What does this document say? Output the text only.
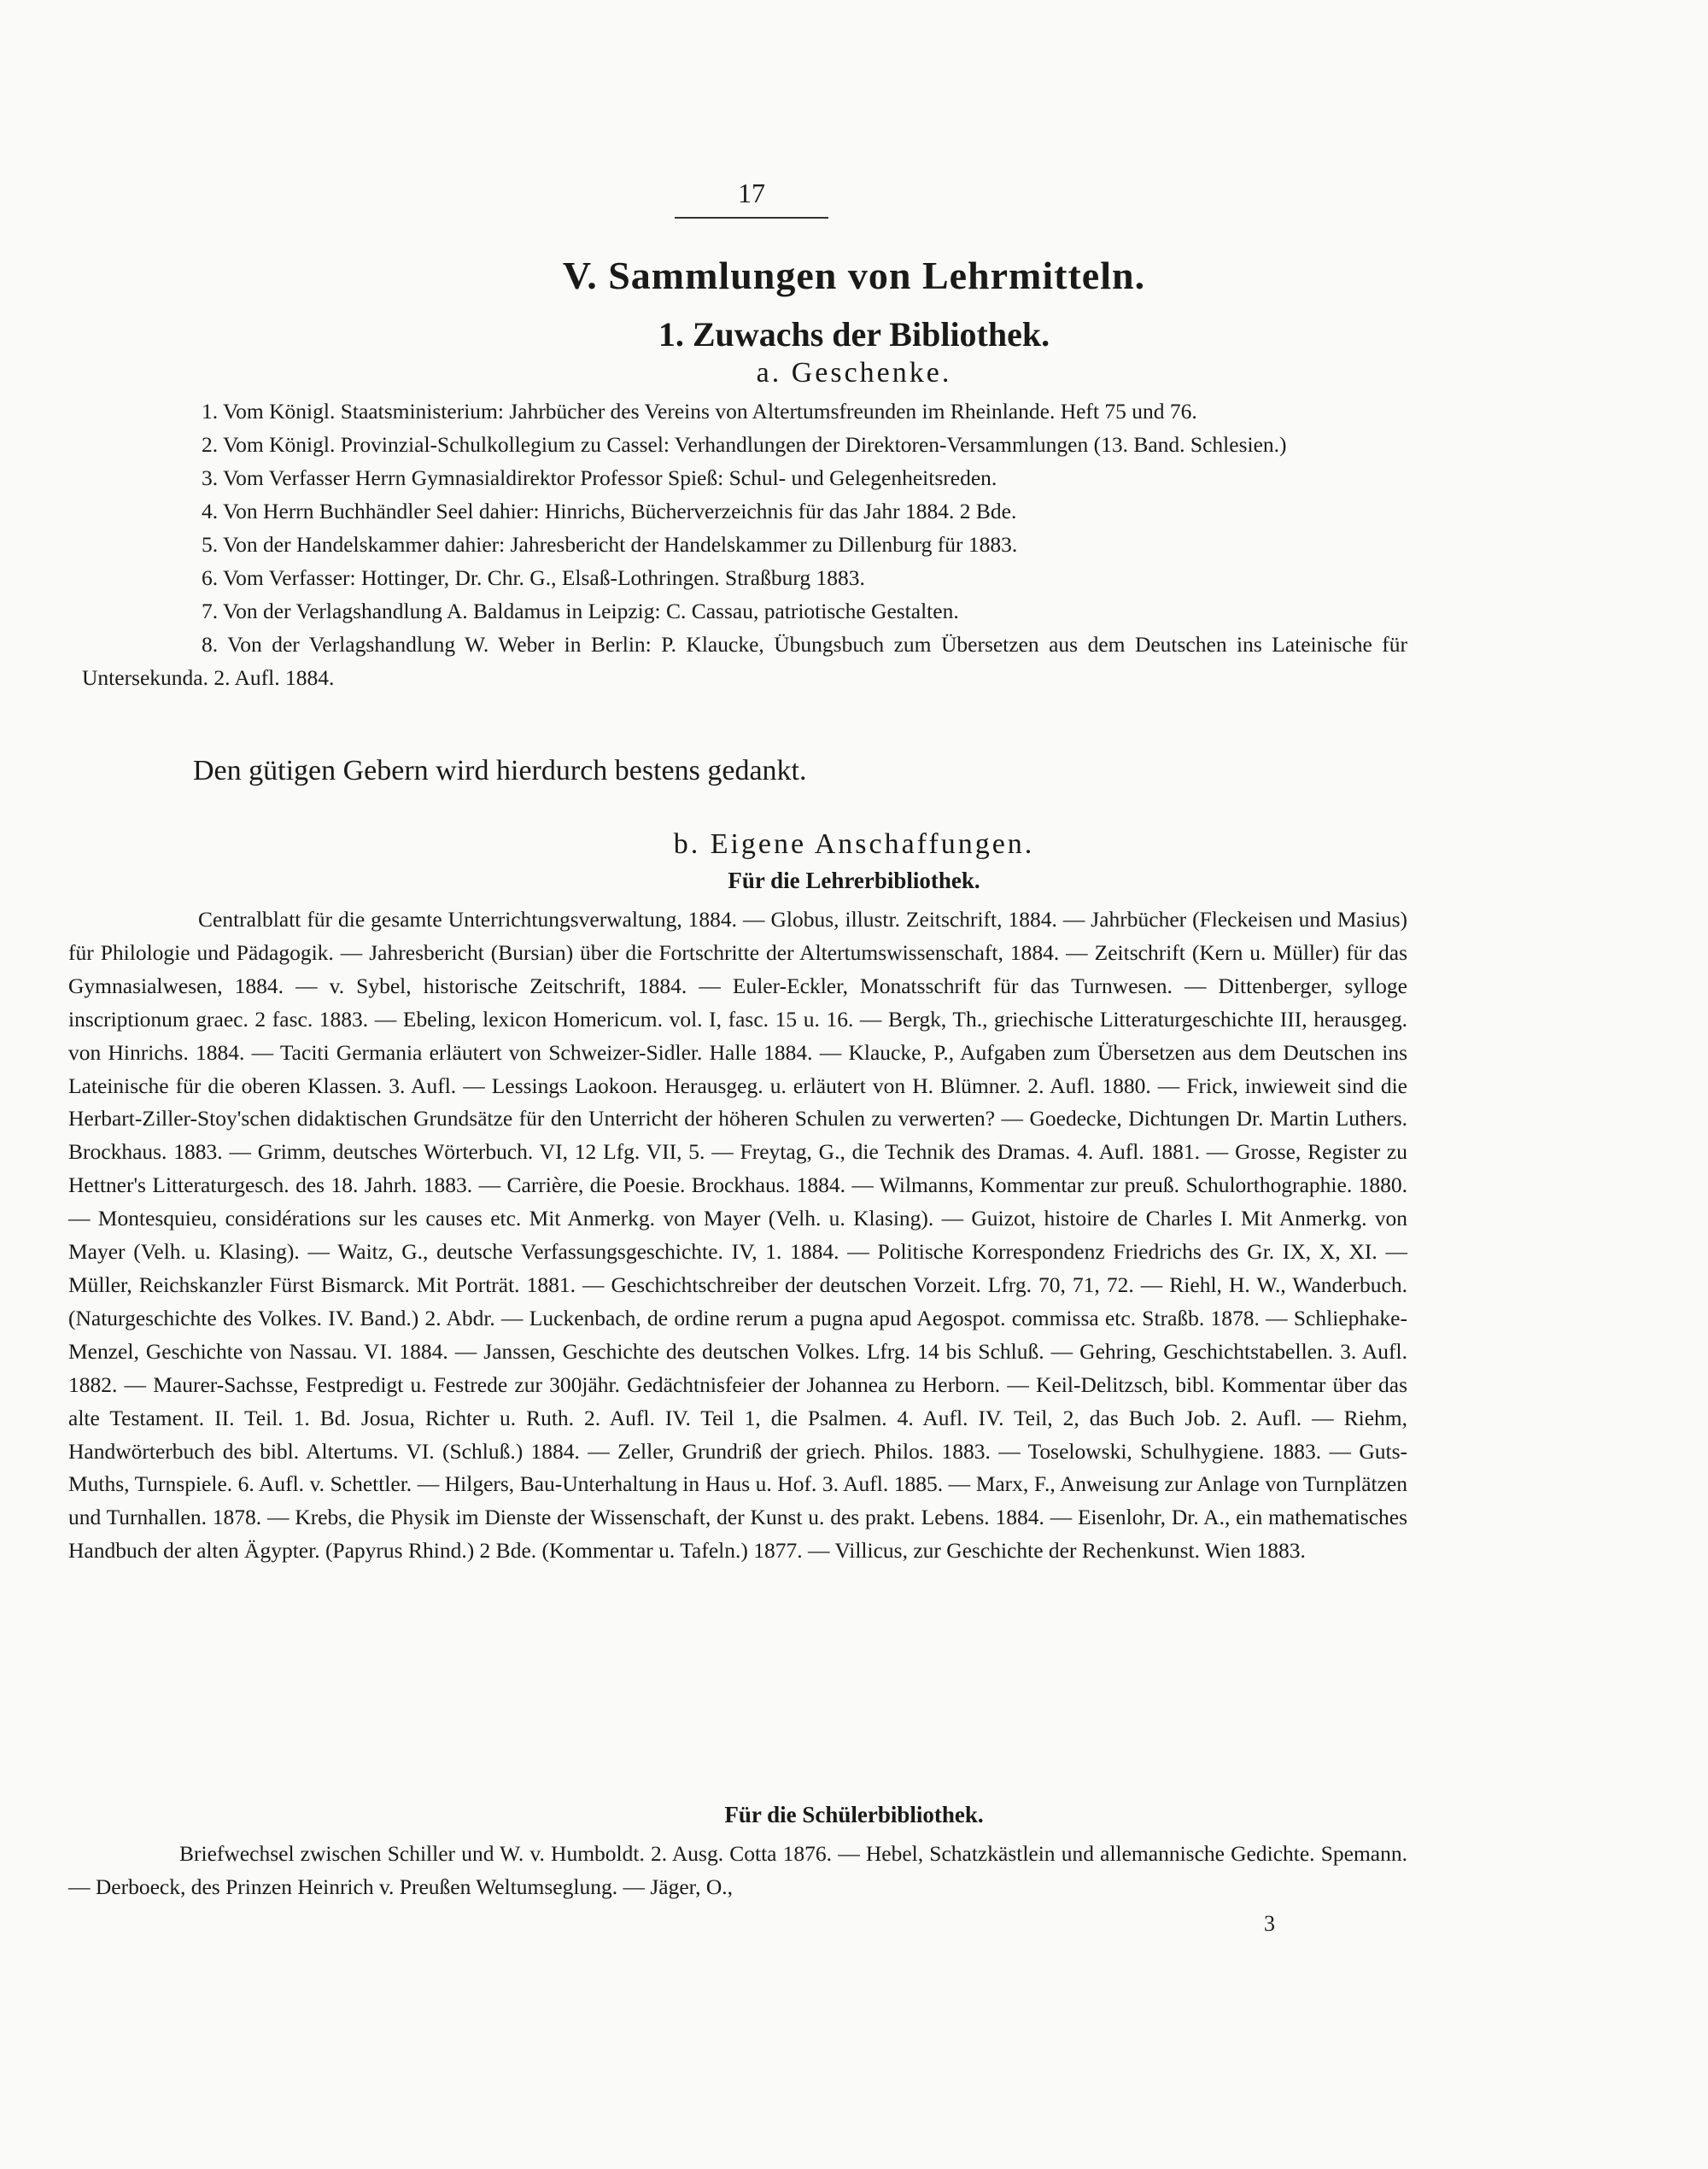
17
V. Sammlungen von Lehrmitteln.
1. Zuwachs der Bibliothek.
a. Geschenke.

1. Vom Königl. Staatsministerium: Jahrbücher des Vereins von Altertumsfreunden im Rheinlande. Heft 75 und 76.

2. Vom Königl. Provinzial-Schulkollegium zu Cassel: Verhandlungen der Direktoren-Versammlungen (13. Band. Schlesien.)

3. Vom Verfasser Herrn Gymnasialdirektor Professor Spieß: Schul- und Gelegenheitsreden.

4. Von Herrn Buchhändler Seel dahier: Hinrichs, Bücherverzeichnis für das Jahr 1884. 2 Bde.

5. Von der Handelskammer dahier: Jahresbericht der Handelskammer zu Dillenburg für 1883.

6. Vom Verfasser: Hottinger, Dr. Chr. G., Elsaß-Lothringen. Straßburg 1883.

7. Von der Verlagshandlung A. Baldamus in Leipzig: C. Cassau, patriotische Gestalten.

8. Von der Verlagshandlung W. Weber in Berlin: P. Klaucke, Übungsbuch zum Übersetzen aus dem Deutschen ins Lateinische für Untersekunda. 2. Aufl. 1884.

Den gütigen Gebern wird hierdurch bestens gedankt.
b. Eigene Anschaffungen.
Für die Lehrerbibliothek.
Centralblatt für die gesamte Unterrichtungsverwaltung, 1884. — Globus, illustr. Zeitschrift, 1884. — Jahrbücher (Fleckeisen und Masius) für Philologie und Pädagogik. — Jahresbericht (Bursian) über die Fortschritte der Altertumswissenschaft, 1884. — Zeitschrift (Kern u. Müller) für das Gymnasialwesen, 1884. — v. Sybel, historische Zeitschrift, 1884. — Euler-Eckler, Monatsschrift für das Turnwesen. — Dittenberger, sylloge inscriptionum graec. 2 fasc. 1883. — Ebeling, lexicon Homericum. vol. I, fasc. 15 u. 16. — Bergk, Th., griechische Litteraturgeschichte III, herausgeg. von Hinrichs. 1884. — Taciti Germania erläutert von Schweizer-Sidler. Halle 1884. — Klaucke, P., Aufgaben zum Übersetzen aus dem Deutschen ins Lateinische für die oberen Klassen. 3. Aufl. — Lessings Laokoon. Herausgeg. u. erläutert von H. Blümner. 2. Aufl. 1880. — Frick, inwieweit sind die Herbart-Ziller-Stoy'schen didaktischen Grundsätze für den Unterricht der höheren Schulen zu verwerten? — Goedecke, Dichtungen Dr. Martin Luthers. Brockhaus. 1883. — Grimm, deutsches Wörterbuch. VI, 12 Lfg. VII, 5. — Freytag, G., die Technik des Dramas. 4. Aufl. 1881. — Grosse, Register zu Hettner's Litteraturgesch. des 18. Jahrh. 1883. — Carrière, die Poesie. Brockhaus. 1884. — Wilmanns, Kommentar zur preuß. Schulorthographie. 1880. — Montesquieu, considérations sur les causes etc. Mit Anmerkg. von Mayer (Velh. u. Klasing). — Guizot, histoire de Charles I. Mit Anmerkg. von Mayer (Velh. u. Klasing). — Waitz, G., deutsche Verfassungsgeschichte. IV, 1. 1884. — Politische Korrespondenz Friedrichs des Gr. IX, X, XI. — Müller, Reichskanzler Fürst Bismarck. Mit Porträt. 1881. — Geschichtschreiber der deutschen Vorzeit. Lfrg. 70, 71, 72. — Riehl, H. W., Wanderbuch. (Naturgeschichte des Volkes. IV. Band.) 2. Abdr. — Luckenbach, de ordine rerum a pugna apud Aegospot. commissa etc. Straßb. 1878. — Schliephake-Menzel, Geschichte von Nassau. VI. 1884. — Janssen, Geschichte des deutschen Volkes. Lfrg. 14 bis Schluß. — Gehring, Geschichtstabellen. 3. Aufl. 1882. — Maurer-Sachsse, Festpredigt u. Festrede zur 300jähr. Gedächtnisfeier der Johannea zu Herborn. — Keil-Delitzsch, bibl. Kommentar über das alte Testament. II. Teil. 1. Bd. Josua, Richter u. Ruth. 2. Aufl. IV. Teil 1, die Psalmen. 4. Aufl. IV. Teil, 2, das Buch Job. 2. Aufl. — Riehm, Handwörterbuch des bibl. Altertums. VI. (Schluß.) 1884. — Zeller, Grundriß der griech. Philos. 1883. — Toselowski, Schulhygiene. 1883. — Guts-Muths, Turnspiele. 6. Aufl. v. Schettler. — Hilgers, Bau-Unterhaltung in Haus u. Hof. 3. Aufl. 1885. — Marx, F., Anweisung zur Anlage von Turnplätzen und Turnhallen. 1878. — Krebs, die Physik im Dienste der Wissenschaft, der Kunst u. des prakt. Lebens. 1884. — Eisenlohr, Dr. A., ein mathematisches Handbuch der alten Ägypter. (Papyrus Rhind.) 2 Bde. (Kommentar u. Tafeln.) 1877. — Villicus, zur Geschichte der Rechenkunst. Wien 1883.
Für die Schülerbibliothek.
Briefwechsel zwischen Schiller und W. v. Humboldt. 2. Ausg. Cotta 1876. — Hebel, Schatzkästlein und allemannische Gedichte. Spemann. — Derboeck, des Prinzen Heinrich v. Preußen Weltumseglung. — Jäger, O.,
3
